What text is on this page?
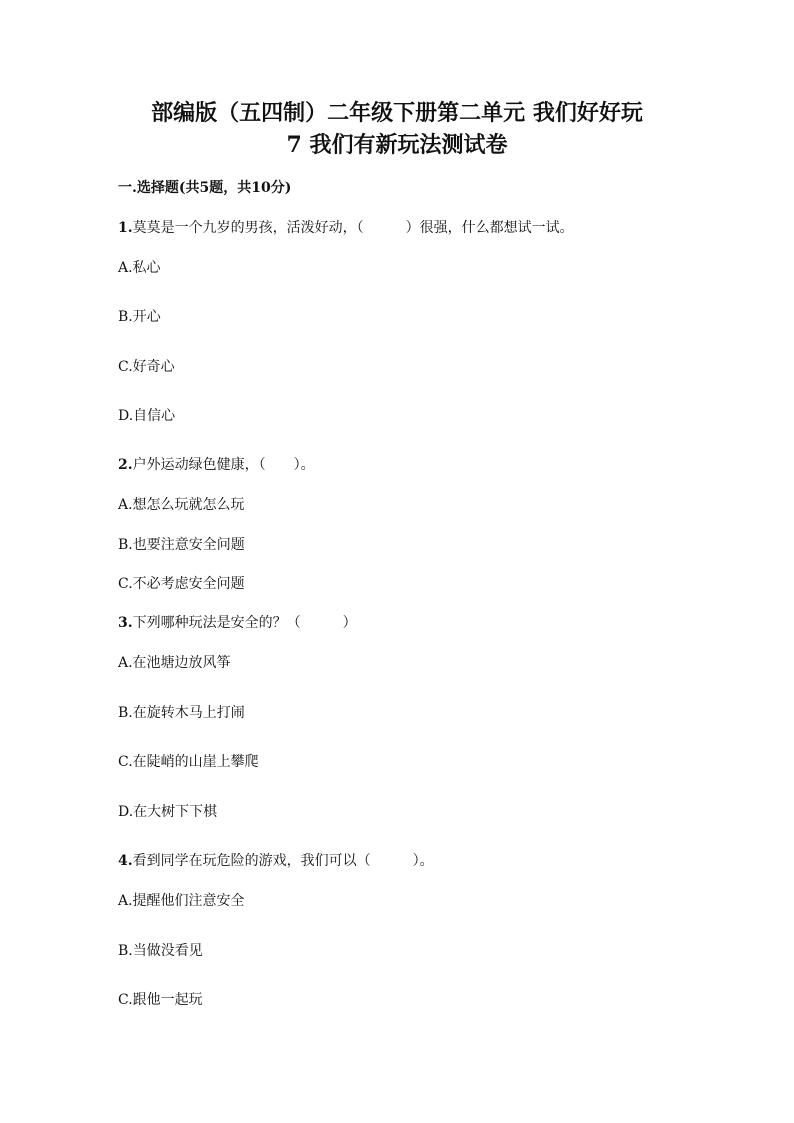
部编版（五四制）二年级下册第二单元 我们好好玩
7 我们有新玩法测试卷
一.选择题(共5题，共10分)
1.莫莫是一个九岁的男孩，活泼好动，（　　　）很强，什么都想试一试。
A.私心
B.开心
C.好奇心
D.自信心
2.户外运动绿色健康，（　　）。
A.想怎么玩就怎么玩
B.也要注意安全问题
C.不必考虑安全问题
3.下列哪种玩法是安全的？（　　　）
A.在池塘边放风筝
B.在旋转木马上打闹
C.在陡峭的山崖上攀爬
D.在大树下下棋
4.看到同学在玩危险的游戏，我们可以（　　　）。
A.提醒他们注意安全
B.当做没看见
C.跟他一起玩
